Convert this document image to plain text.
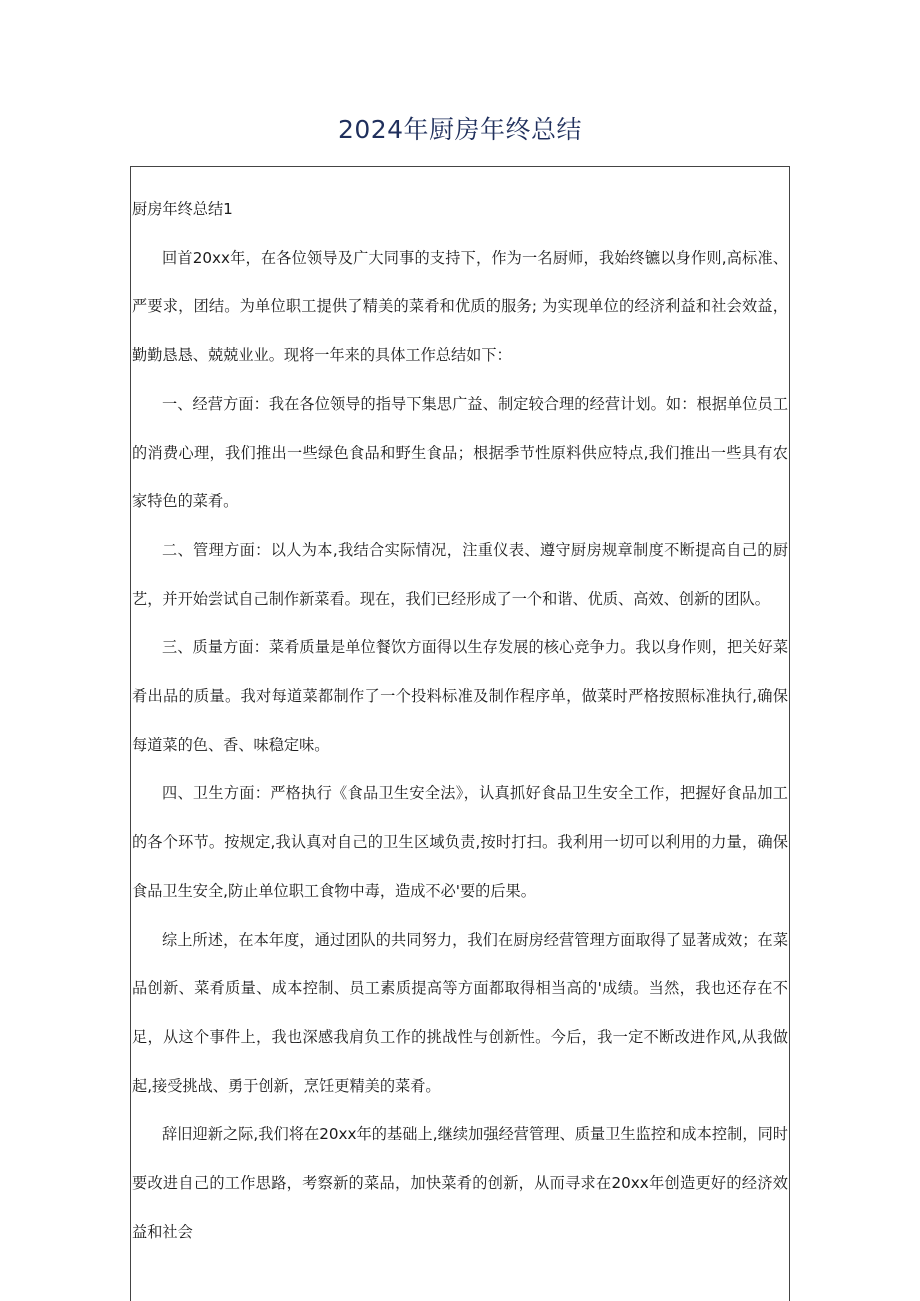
2024年厨房年终总结

厨房年终总结1

回首20xx年，在各位领导及广大同事的支持下，作为一名厨师，我始终镳以身作则,高标准、严要求，团结。为单位职工提供了精美的菜肴和优质的服务; 为实现单位的经济利益和社会效益，勤勤恳恳、兢兢业业。现将一年来的具体工作总结如下：

一、经营方面：我在各位领导的指导下集思广益、制定较合理的经营计划。如：根据单位员工的消费心理，我们推出一些绿色食品和野生食品；根据季节性原料供应特点,我们推出一些具有农家特色的菜肴。

二、管理方面：以人为本,我结合实际情况，注重仪表、遵守厨房规章制度不断提高自己的厨艺，并开始尝试自己制作新菜看。现在，我们已经形成了一个和谐、优质、高效、创新的团队。

三、质量方面：菜肴质量是单位餐饮方面得以生存发展的核心竞争力。我以身作则，把关好菜肴出品的质量。我对每道菜都制作了一个投料标准及制作程序单，做菜时严格按照标准执行,确保每道菜的色、香、味稳定味。

四、卫生方面：严格执行《食品卫生安全法》，认真抓好食品卫生安全工作，把握好食品加工的各个环节。按规定,我认真对自己的卫生区域负责,按时打扫。我利用一切可以利用的力量，确保食品卫生安全,防止单位职工食物中毒，造成不必'要的后果。

综上所述，在本年度，通过团队的共同努力，我们在厨房经营管理方面取得了显著成效；在菜品创新、菜肴质量、成本控制、员工素质提高等方面都取得相当高的'成绩。当然，我也还存在不足，从这个事件上，我也深感我肩负工作的挑战性与创新性。今后，我一定不断改进作风,从我做起,接受挑战、勇于创新，烹饪更精美的菜肴。

辞旧迎新之际,我们将在20xx年的基础上,继续加强经营管理、质量卫生监控和成本控制，同时要改进自己的工作思路，考察新的菜品，加快菜肴的创新，从而寻求在20xx年创造更好的经济效益和社会
